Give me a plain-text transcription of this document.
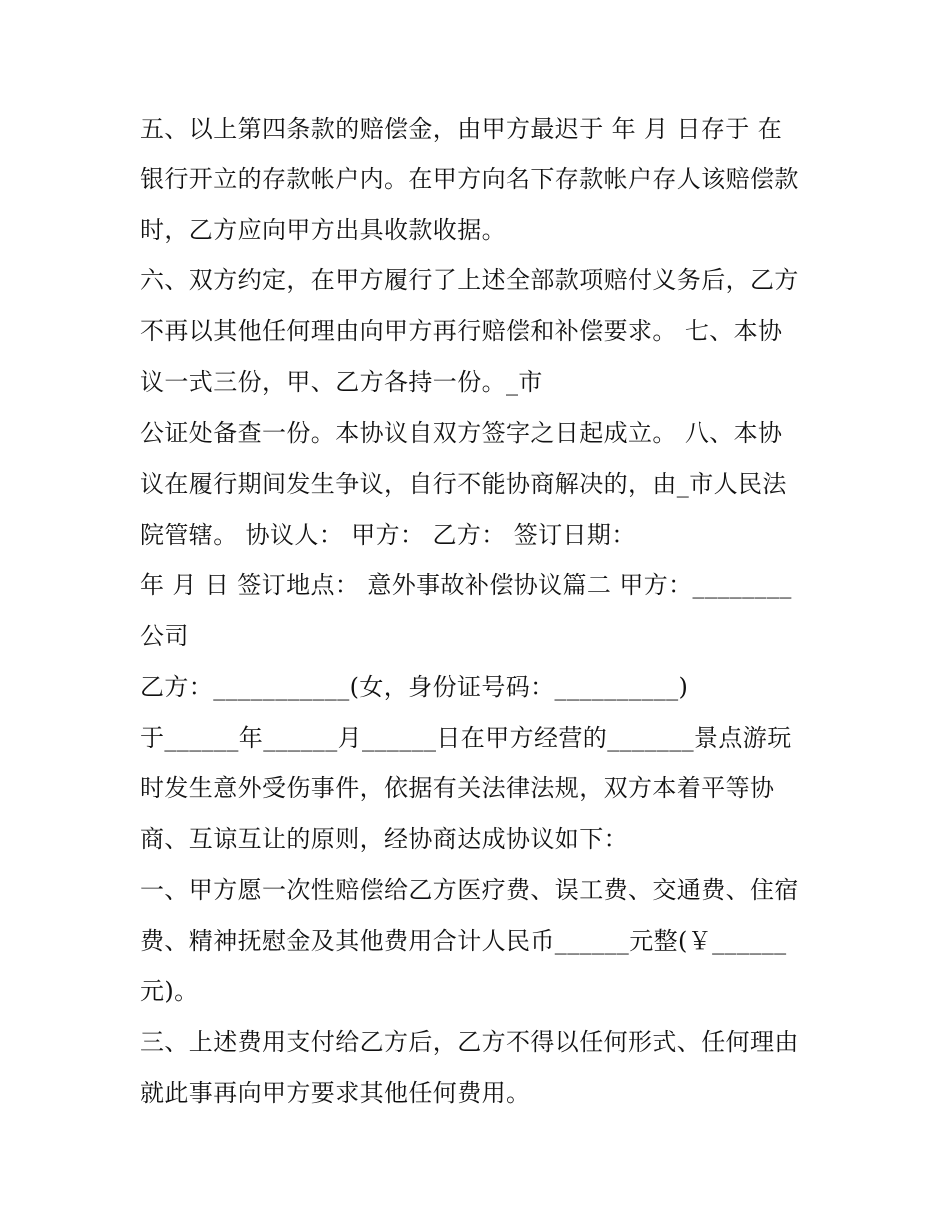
五、以上第四条款的赔偿金，由甲方最迟于 年 月 日存于 在
银行开立的存款帐户内。在甲方向名下存款帐户存人该赔偿款
时，乙方应向甲方出具收款收据。
六、双方约定，在甲方履行了上述全部款项赔付义务后，乙方
不再以其他任何理由向甲方再行赔偿和补偿要求。 七、本协
议一式三份，甲、乙方各持一份。_市
公证处备查一份。本协议自双方签字之日起成立。 八、本协
议在履行期间发生争议，自行不能协商解决的，由_市人民法
院管辖。 协议人： 甲方： 乙方： 签订日期：
年 月 日 签订地点： 意外事故补偿协议篇二 甲方：________
公司
乙方：___________(女，身份证号码：__________)
于______年______月______日在甲方经营的_______景点游玩
时发生意外受伤事件，依据有关法律法规，双方本着平等协
商、互谅互让的原则，经协商达成协议如下：
一、甲方愿一次性赔偿给乙方医疗费、误工费、交通费、住宿
费、精神抚慰金及其他费用合计人民币______元整(￥______
元)。
三、上述费用支付给乙方后，乙方不得以任何形式、任何理由
就此事再向甲方要求其他任何费用。
